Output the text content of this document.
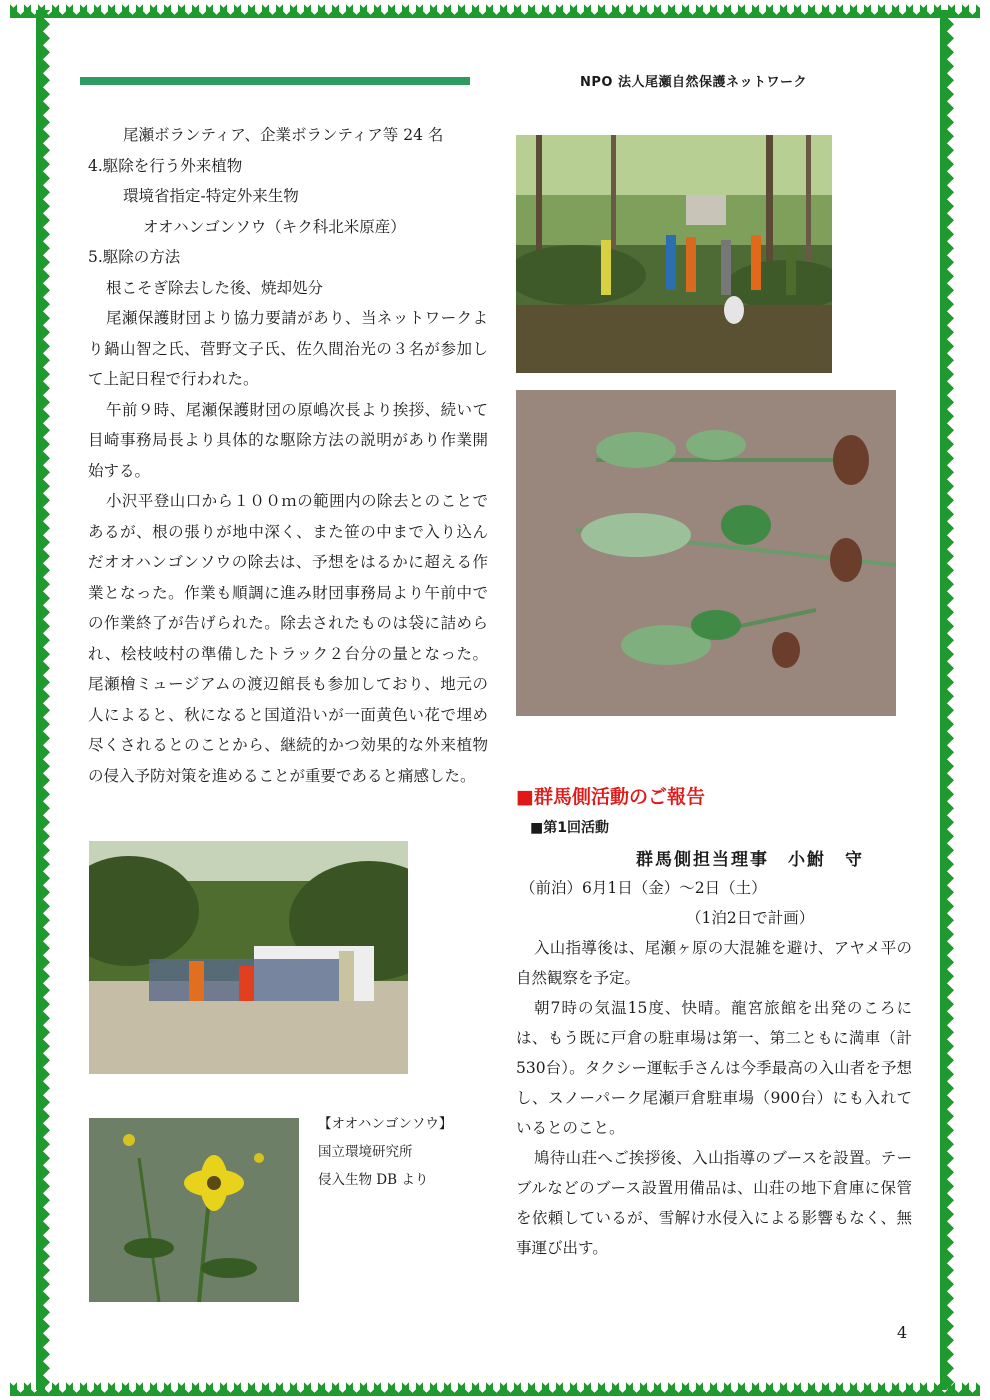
NPO 法人尾瀬自然保護ネットワーク

尾瀬ボランティア、企業ボランティア等 24 名

4.駆除を行う外来植物

環境省指定-特定外来生物

オオハンゴンソウ（キク科北米原産）

5.駆除の方法

根こそぎ除去した後、焼却処分

尾瀬保護財団より協力要請があり、当ネットワークより鍋山智之氏、菅野文子氏、佐久間治光の３名が参加して上記日程で行われた。

午前９時、尾瀬保護財団の原嶋次長より挨拶、続いて目崎事務局長より具体的な駆除方法の説明があり作業開始する。

小沢平登山口から１００ｍの範囲内の除去とのことであるが、根の張りが地中深く、また笹の中まで入り込んだオオハンゴンソウの除去は、予想をはるかに超える作業となった。作業も順調に進み財団事務局より午前中での作業終了が告げられた。除去されたものは袋に詰められ、桧枝岐村の準備したトラック２台分の量となった。尾瀬檜ミュージアムの渡辺館長も参加しており、地元の人によると、秋になると国道沿いが一面黄色い花で埋め尽くされるとのことから、継続的かつ効果的な外来植物の侵入予防対策を進めることが重要であると痛感した。

【オオハンゴンソウ】
国立環境研究所
侵入生物 DB より
■群馬側活動のご報告
■第1回活動
群馬側担当理事　小鮒　守

（前泊）6月1日（金）～2日（土）

（1泊2日で計画）

入山指導後は、尾瀬ヶ原の大混雑を避け、アヤメ平の自然観察を予定。

朝7時の気温15度、快晴。龍宮旅館を出発のころには、もう既に戸倉の駐車場は第一、第二ともに満車（計530台）。タクシー運転手さんは今季最高の入山者を予想し、スノーパーク尾瀬戸倉駐車場（900台）にも入れているとのこと。

鳩待山荘へご挨拶後、入山指導のブースを設置。テーブルなどのブース設置用備品は、山荘の地下倉庫に保管を依頼しているが、雪解け水侵入による影響もなく、無事運び出す。

4
